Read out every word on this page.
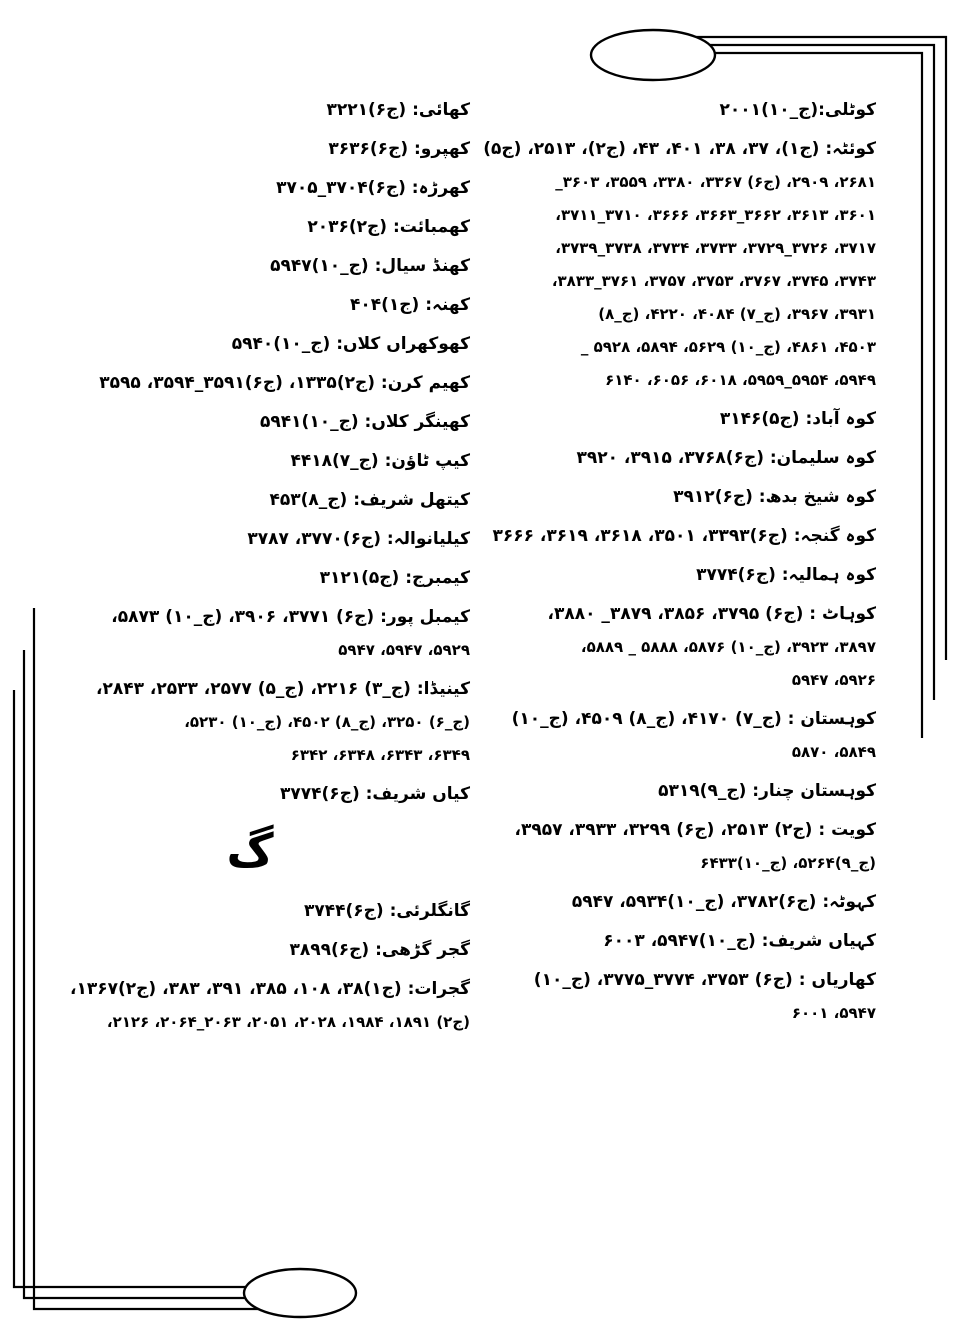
کوٹلی:(ج_۱۰)۲۰۰۱
کوئٹہ: (ج۱)، ۳۷، ۳۸، ۴۰۱، ۴۳، (ج۲)، ۲۵۱۳، (ج۵)
۲۶۸۱، ۲۹۰۹، (ج۶) ۳۳۶۷، ۳۳۸۰، ۳۵۵۹، ۳۶۰۳_
۳۶۰۱، ۳۶۱۳، ۳۶۶۲_۳۶۶۳، ۳۶۶۶، ۳۷۱۰_۳۷۱۱،
۳۷۱۷، ۳۷۲۶_۳۷۲۹، ۳۷۳۳، ۳۷۳۴، ۳۷۳۸_۳۷۳۹،
۳۷۴۳، ۳۷۴۵، ۳۷۶۷، ۳۷۵۳، ۳۷۵۷، ۳۷۶۱_۳۸۳۳،
۳۹۳۱، ۳۹۶۷، (ج_۷) ۴۰۸۴، ۴۲۲۰، (ج_۸)
۴۵۰۳، ۴۸۶۱، (ج_۱۰) ۵۶۲۹، ۵۸۹۴، ۵۹۲۸ _
۵۹۴۹، ۵۹۵۴_۵۹۵۹، ۶۰۱۸، ۶۰۵۶، ۶۱۴۰
کوہ آباد: (ج۵)۳۱۴۶
کوہ سلیمان: (ج۶)۳۷۶۸، ۳۹۱۵، ۳۹۲۰
کوہ شیخ بدھ: (ج۶)۳۹۱۲
کوہ گنجہ: (ج۶)۳۳۹۳، ۳۵۰۱، ۳۶۱۸، ۳۶۱۹، ۳۶۶۶
کوہ ہمالیہ: (ج۶)۳۷۷۴
کوہاٹ : (ج۶) ۳۷۹۵، ۳۸۵۶، ۳۸۷۹_ ۳۸۸۰،
۳۸۹۷، ۳۹۲۳، (ج_۱۰) ۵۸۷۶، ۵۸۸۸ _ ۵۸۸۹،
۵۹۲۶، ۵۹۴۷
کوہستان : (ج_۷) ۴۱۷۰، (ج_۸) ۴۵۰۹، (ج_۱۰)
۵۸۴۹، ۵۸۷۰
کوہستان چنار: (ج_۹)۵۳۱۹
کویت : (ج۲) ۲۵۱۳، (ج۶) ۳۲۹۹، ۳۹۳۳، ۳۹۵۷،
(ج_۹)۵۲۶۴، (ج_۱۰)۶۴۳۳
کہوٹہ: (ج۶)۳۷۸۲، (ج_۱۰)۵۹۳۴، ۵۹۴۷
کہیاں شریف: (ج_۱۰)۵۹۴۷، ۶۰۰۳
کھاریاں : (ج۶) ۳۷۵۳، ۳۷۷۴_۳۷۷۵، (ج_۱۰)
۵۹۴۷، ۶۰۰۱
کھائی: (ج۶)۳۲۲۱
کھپرو: (ج۶)۳۶۳۶
کھرڑہ: (ج۶)۳۷۰۴_۳۷۰۵
کھمبائت: (ج۲)۲۰۳۶
کھنڈ سیال: (ج_۱۰)۵۹۴۷
کھنہ: (ج۱)۴۰۴
کھوکھراں کلاں: (ج_۱۰)۵۹۴۰
کھیم کرن: (ج۲)۱۳۳۵، (ج۶)۳۵۹۱_۳۵۹۴، ۳۵۹۵
کھینگر کلاں: (ج_۱۰)۵۹۴۱
کیپ ٹاؤن: (ج_۷)۴۴۱۸
کیتھل شریف: (ج_۸)۴۵۳
کیلیانوالہ: (ج۶)۳۷۷۰، ۳۷۸۷
کیمبرج: (ج۵)۳۱۲۱
کیمبل پور: (ج۶) ۳۷۷۱، ۳۹۰۶، (ج_۱۰) ۵۸۷۳،
۵۹۲۹، ۵۹۴۷، ۵۹۴۷
کینیڈا: (ج_۳) ۲۲۱۶، (ج_۵) ۲۵۷۷، ۲۵۳۳، ۲۸۴۳،
(ج_۶) ۳۲۵۰، (ج_۸) ۴۵۰۲، (ج_۱۰) ۵۲۳۰،
۶۳۴۹، ۶۳۴۳، ۶۳۴۸، ۶۳۴۲
کیاں شریف: (ج۶)۳۷۷۴
گ
گانگلرئی: (ج۶)۳۷۴۴
گجر گڑھی: (ج۶)۳۸۹۹
گجرات: (ج۱)۳۸، ۱۰۸، ۳۸۵، ۳۹۱، ۳۸۳، (ج۲)۱۳۶۷،
(ج۲) ۱۸۹۱، ۱۹۸۴، ۲۰۲۸، ۲۰۵۱، ۲۰۶۳_۲۰۶۴، ۲۱۲۶،
